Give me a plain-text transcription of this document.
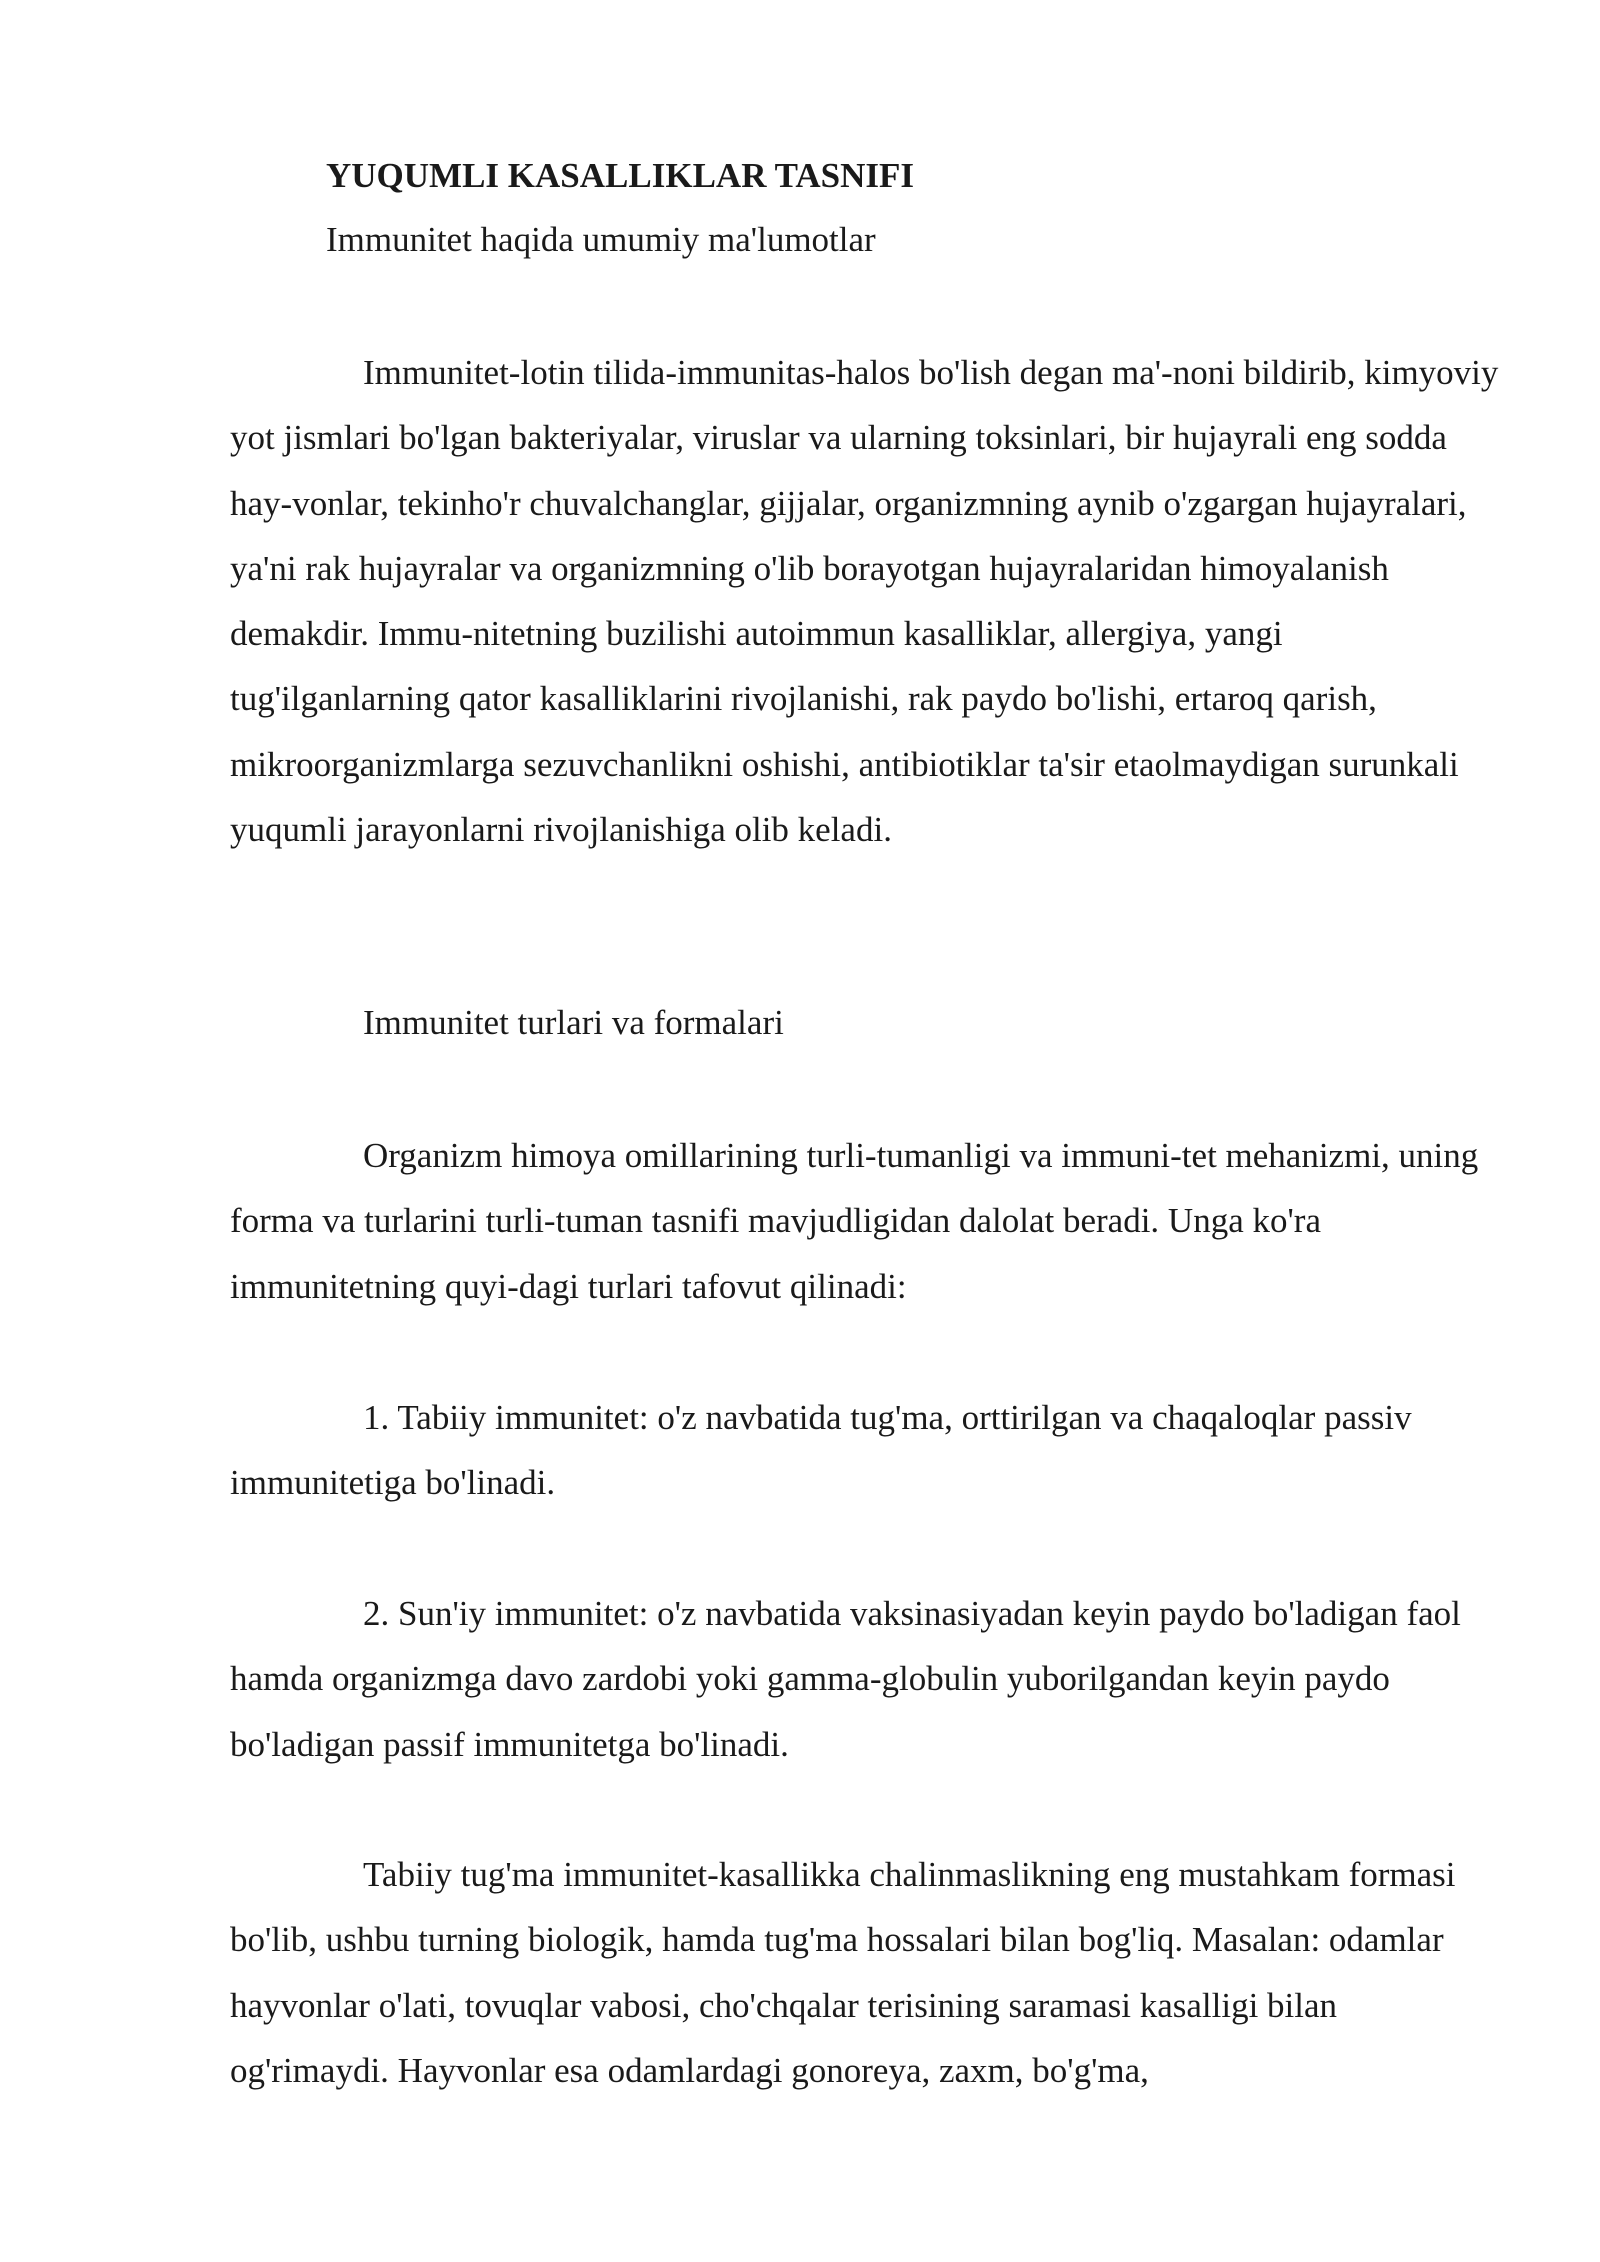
YUQUMLI KASALLIKLAR TASNIFI
Immunitet haqida umumiy ma'lumotlar

Immunitet-lotin tilida-immunitas-halos bo'lish degan ma'-noni bildirib, kimyoviy yot jismlari bo'lgan bakteriyalar, viruslar va ularning toksinlari, bir hujayrali eng sodda hay-vonlar, tekinho'r chuvalchanglar, gijjalar, organizmning aynib o'zgargan hujayralari, ya'ni rak hujayralar va organizmning o'lib borayotgan hujayralaridan himoyalanish demakdir. Immu-nitetning buzilishi autoimmun kasalliklar, allergiya, yangi tug'ilganlarning qator kasalliklarini rivojlanishi, rak paydo bo'lishi, ertaroq qarish, mikroorganizmlarga sezuvchanlikni oshishi, antibiotiklar ta'sir etaolmaydigan surunkali yuqumli jarayonlarni rivojlanishiga olib keladi.

Immunitet turlari va formalari

Organizm himoya omillarining turli-tumanligi va immuni-tet mehanizmi, uning forma va turlarini turli-tuman tasnifi mavjudligidan dalolat beradi. Unga ko'ra immunitetning quyi-dagi turlari tafovut qilinadi:

1. Tabiiy immunitet: o'z navbatida tug'ma, orttirilgan va chaqaloqlar passiv immunitetiga bo'linadi.

2. Sun'iy immunitet: o'z navbatida vaksinasiyadan keyin paydo bo'ladigan faol hamda organizmga davo zardobi yoki gamma-globulin yuborilgandan keyin paydo bo'ladigan passif immunitetga bo'linadi.

Tabiiy tug'ma immunitet-kasallikka chalinmaslikning eng mustahkam formasi bo'lib, ushbu turning biologik, hamda tug'ma hossalari bilan bog'liq. Masalan: odamlar hayvonlar o'lati, tovuqlar vabosi, cho'chqalar terisining saramasi kasalligi bilan og'rimaydi. Hayvonlar esa odamlardagi gonoreya, zaxm, bo'g'ma,
